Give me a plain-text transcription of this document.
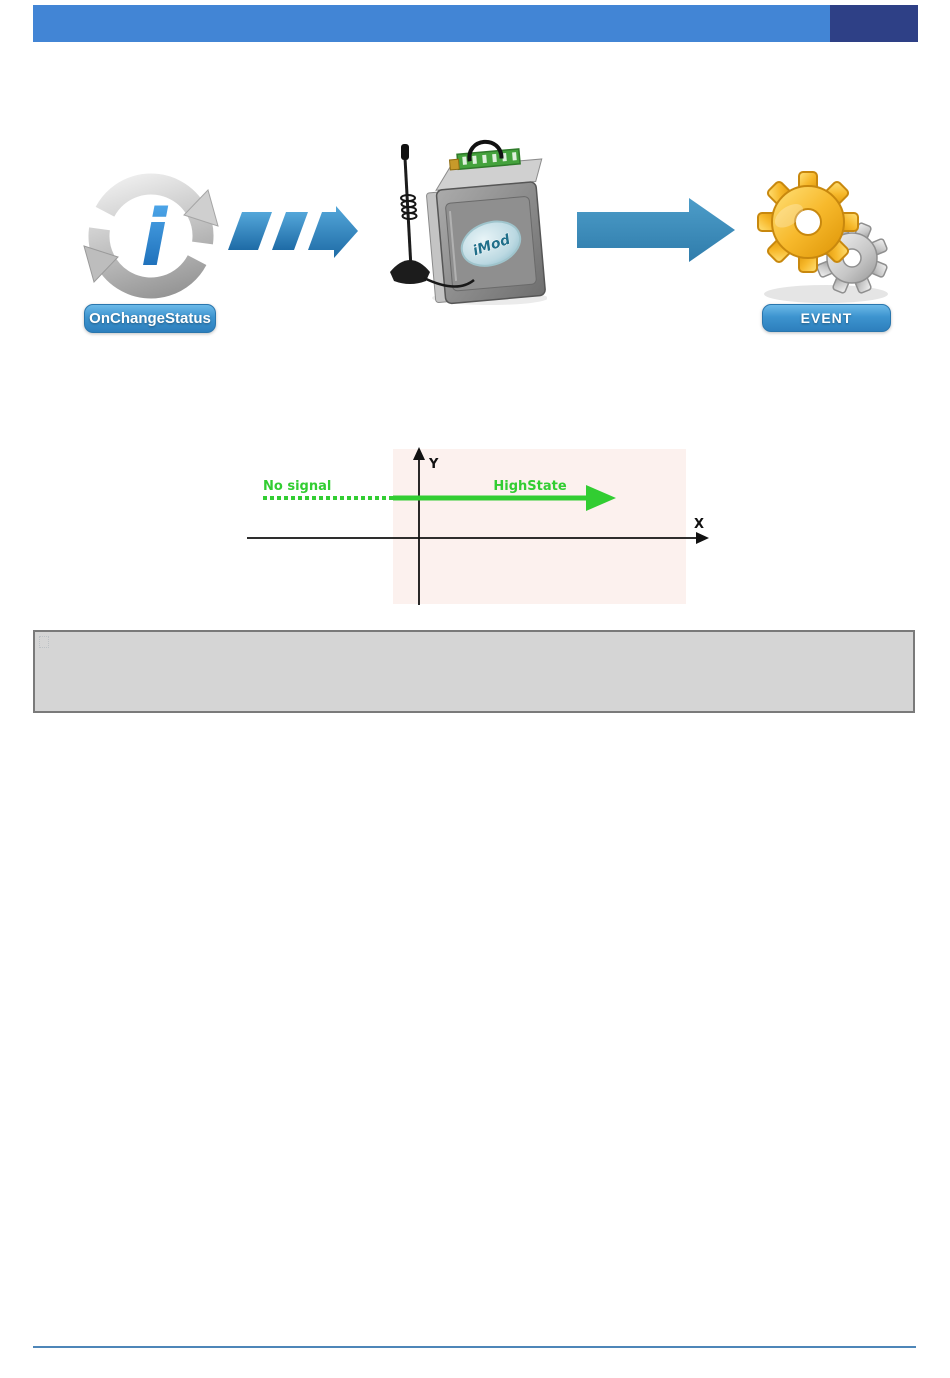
i
OnChangeStatus
iMod
EVENT
X
Y
No signal	HighState
